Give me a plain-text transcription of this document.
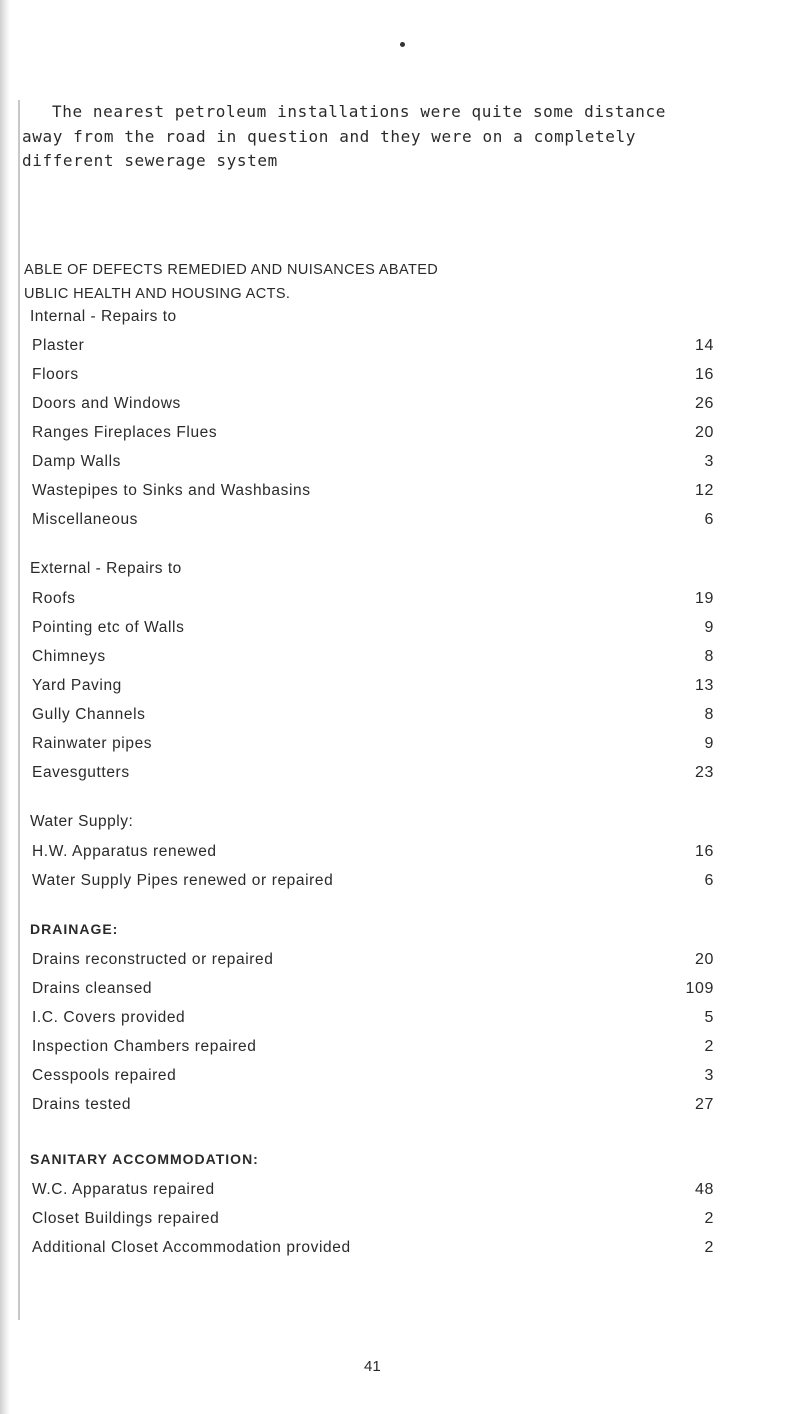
The nearest petroleum installations were quite some distance
away from the road in question and they were on a completely
different sewerage system
ABLE OF DEFECTS REMEDIED AND NUISANCES ABATED
UBLIC HEALTH AND HOUSING ACTS.
Internal - Repairs to
Plaster	14
Floors	16
Doors and Windows	26
Ranges Fireplaces Flues	20
Damp Walls	3
Wastepipes to Sinks and Washbasins	12
Miscellaneous	6
External - Repairs to
Roofs	19
Pointing etc of Walls	9
Chimneys	8
Yard Paving	13
Gully Channels	8
Rainwater pipes	9
Eavesgutters	23
Water Supply:
H.W. Apparatus renewed	16
Water Supply Pipes renewed or repaired	6
DRAINAGE:
Drains reconstructed or repaired	20
Drains cleansed	109
I.C. Covers provided	5
Inspection Chambers repaired	2
Cesspools repaired	3
Drains tested	27
SANITARY ACCOMMODATION:
W.C. Apparatus repaired	48
Closet Buildings repaired	2
Additional Closet Accommodation provided	2
41
